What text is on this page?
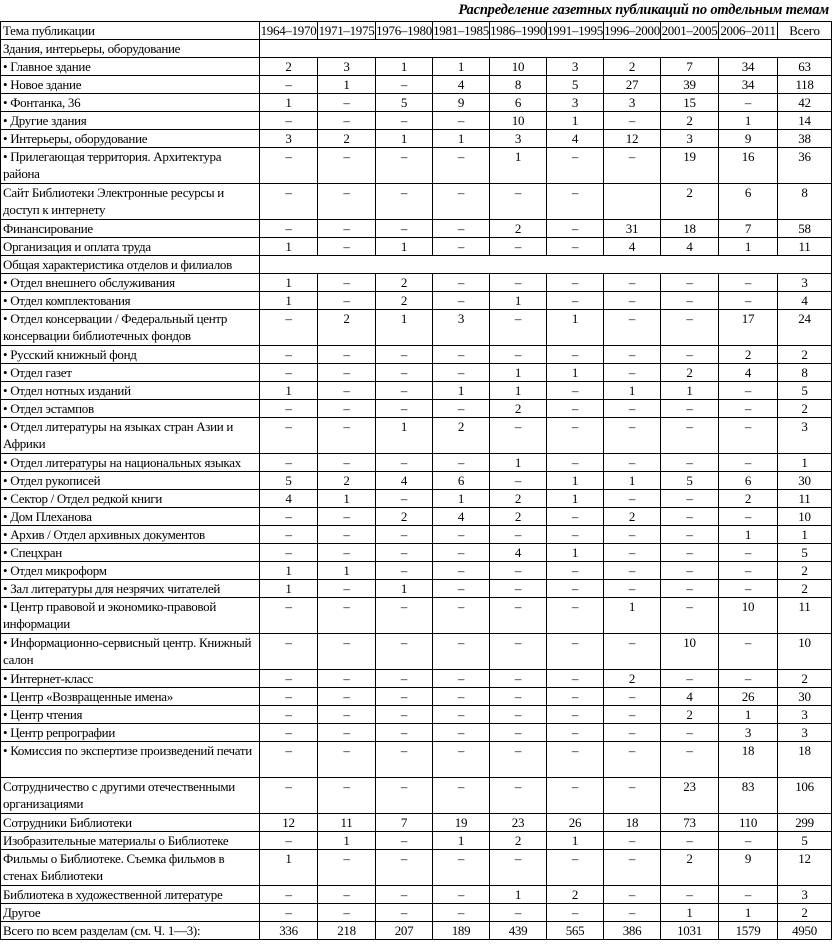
Распределение газетных публикаций по отдельным темам
Тема публикации	1964–1970	1971–1975	1976–1980	1981–1985	1986–1990	1991–1995	1996–2000	2001–2005	2006–2011	Всего
Здания, интерьеры, оборудование										
• Главное здание	2	3	1	1	10	3	2	7	34	63
• Новое здание	–	1	–	4	8	5	27	39	34	118
• Фонтанка, 36	1	–	5	9	6	3	3	15	–	42
• Другие здания	–	–	–	–	10	1	–	2	1	14
• Интерьеры, оборудование	3	2	1	1	3	4	12	3	9	38
• Прилегающая территория. Архитектура района	–	–	–	–	1	–	–	19	16	36
Сайт Библиотеки Электронные ресурсы и доступ к интернету	–	–	–	–	–	–		2	6	8
Финансирование	–	–	–	–	2	–	31	18	7	58
Организация и оплата труда	1	–	1	–	–	–	4	4	1	11
Общая характеристика отделов и филиалов										
• Отдел внешнего обслуживания	1	–	2	–	–	–	–	–	–	3
• Отдел комплектования	1	–	2	–	1	–	–	–	–	4
• Отдел консервации / Федеральный центр консервации библиотечных фондов	–	2	1	3	–	1	–	–	17	24
• Русский книжный фонд	–	–	–	–	–	–	–	–	2	2
• Отдел газет	–	–	–	–	1	1	–	2	4	8
• Отдел нотных изданий	1	–	–	1	1	–	1	1	–	5
• Отдел эстампов	–	–	–	–	2	–	–	–	–	2
• Отдел литературы на языках стран Азии и Африки	–	–	1	2	–	–	–	–	–	3
• Отдел литературы на национальных языках	–	–	–	–	1	–	–	–	–	1
• Отдел рукописей	5	2	4	6	–	1	1	5	6	30
• Сектор / Отдел редкой книги	4	1	–	1	2	1	–	–	2	11
• Дом Плеханова	–	–	2	4	2	–	2	–	–	10
• Архив / Отдел архивных документов	–	–	–	–	–	–	–	–	1	1
• Спецхран	–	–	–	–	4	1	–	–	–	5
• Отдел микроформ	1	1	–	–	–	–	–	–	–	2
• Зал литературы для незрячих читателей	1	–	1	–	–	–	–	–	–	2
• Центр правовой и экономико-правовой информации	–	–	–	–	–	–	1	–	10	11
• Информационно-сервисный центр. Книжный салон	–	–	–	–	–	–	–	10	–	10
• Интернет-класс	–	–	–	–	–	–	2	–	–	2
• Центр «Возвращенные имена»	–	–	–	–	–	–	–	4	26	30
• Центр чтения	–	–	–	–	–	–	–	2	1	3
• Центр репрографии	–	–	–	–	–	–	–	–	3	3
• Комиссия по экспертизе произведений печати	–	–	–	–	–	–	–	–	18	18
Сотрудничество с другими отечественными организациями	–	–	–	–	–	–	–	23	83	106
Сотрудники Библиотеки	12	11	7	19	23	26	18	73	110	299
Изобразительные материалы о Библиотеке	–	1	–	1	2	1	–	–	–	5
Фильмы о Библиотеке. Съемка фильмов в стенах Библиотеки	1	–	–	–	–	–	–	2	9	12
Библиотека в художественной литературе	–	–	–	–	1	2	–	–	–	3
Другое	–	–	–	–	–	–	–	1	1	2
Всего по всем разделам (см. Ч. 1—3):	336	218	207	189	439	565	386	1031	1579	4950
